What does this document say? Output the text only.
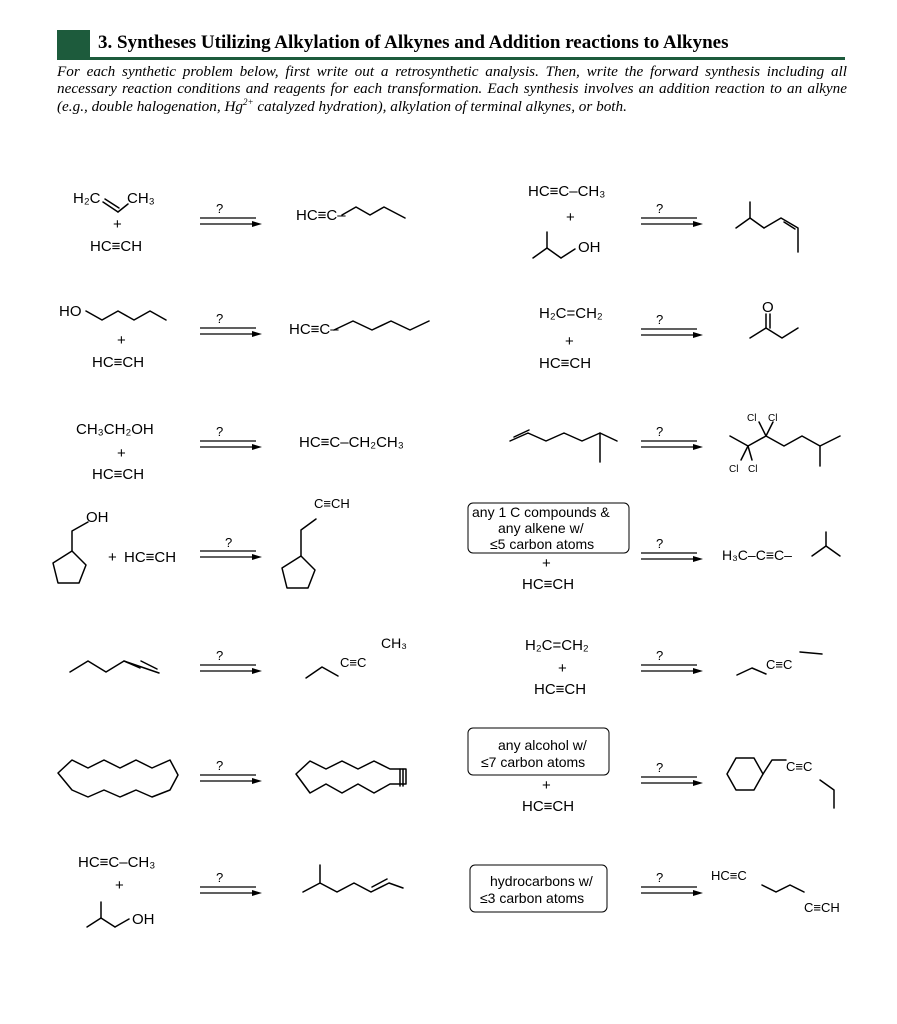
3. Syntheses Utilizing Alkylation of Alkynes and Addition reactions to Alkynes
For each synthetic problem below, first write out a retrosynthetic analysis. Then, write the forward synthesis including all necessary reaction conditions and reagents for each transformation. Each synthesis involves an addition reaction to an alkyne (e.g., double halogenation, $Hg^{2+}$ catalyzed hydration), alkylation of terminal alkynes, or both.
H₂C CH₃
+
HC≡CH
?	HC≡C–
HC≡C–CH₃
+
OH
?
HO
+
HC≡CH
?
HC≡C–
H₂C=CH₂
+
HC≡CH
?
O
CH₃CH₂OH
+
HC≡CH
?
HC≡C–CH₂CH₃
?
Cl Cl
Cl Cl
OH
+ HC≡CH
?
C≡CH
any 1 C compounds &
any alkene w/
≤5 carbon atoms
+
HC≡CH
?
H₃C–C≡C–
?	C≡C
CH₃	H₂C=CH₂
+
HC≡CH
?
C≡C
?
any alcohol w/
≤7 carbon atoms
+
HC≡CH
?	C≡C
HC≡C–CH₃
+
OH
?	hydrocarbons w/
≤3 carbon atoms
?	HC≡C
C≡CH
